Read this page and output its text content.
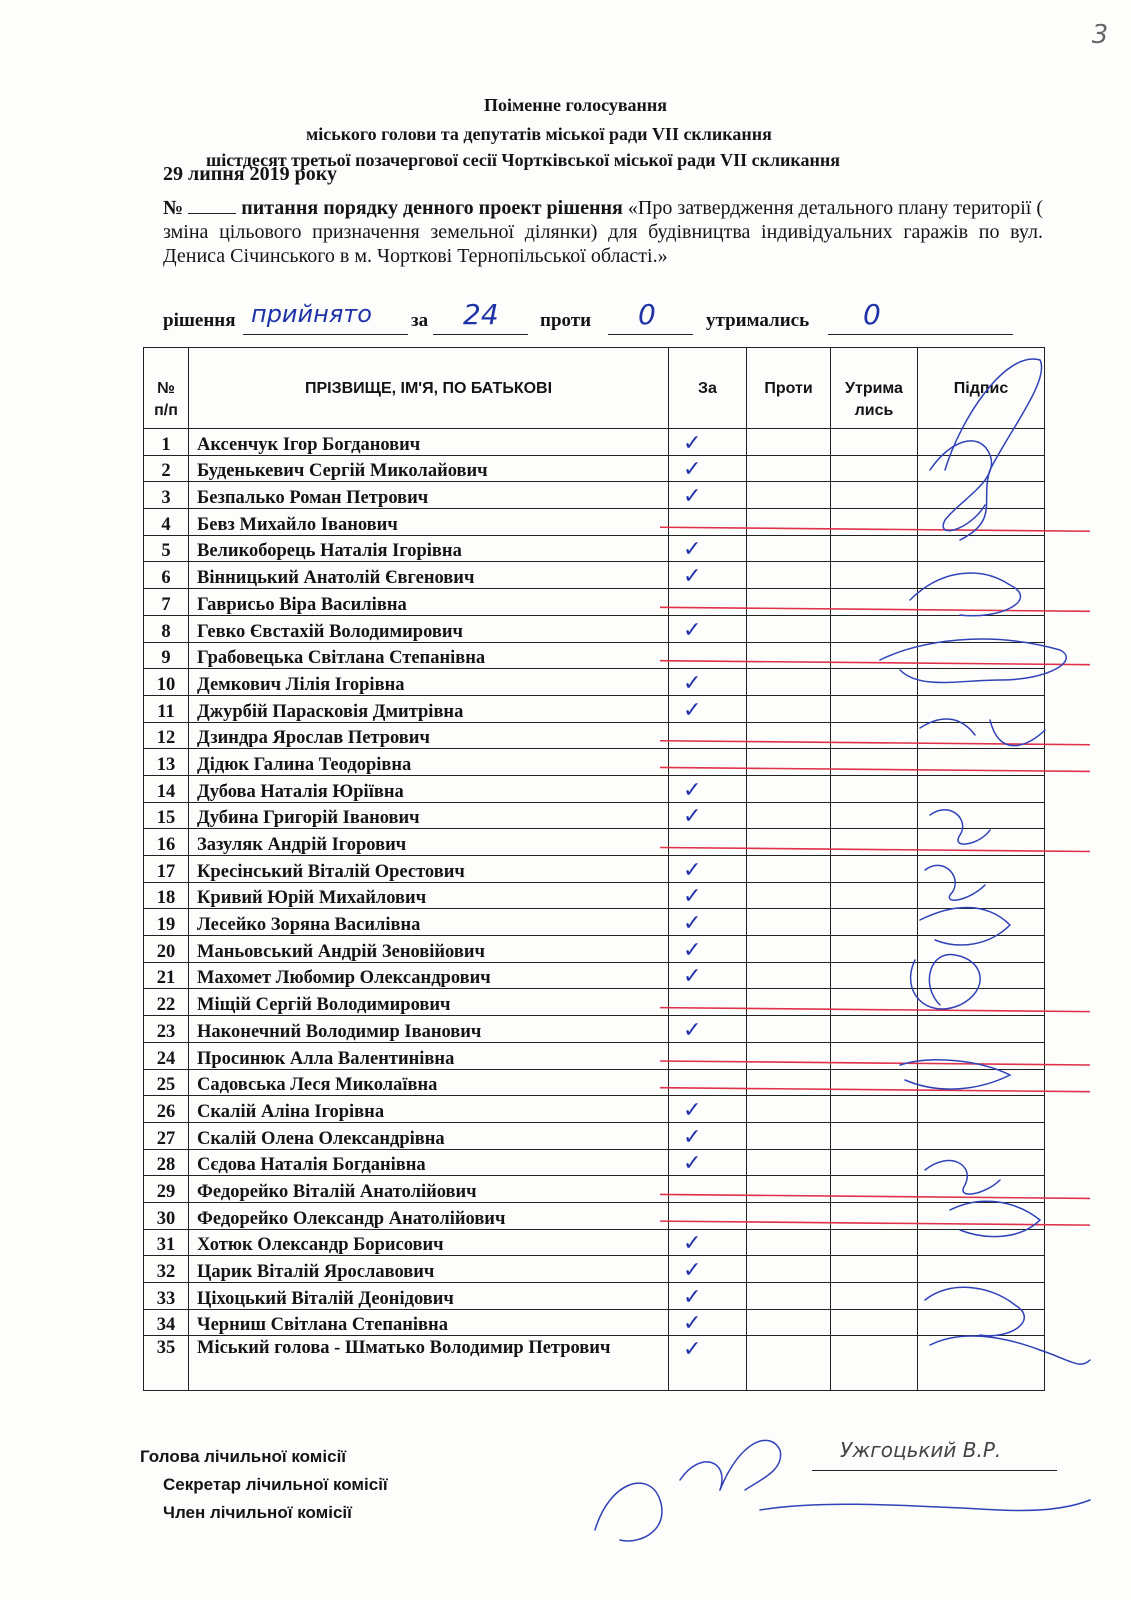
3
Поіменне голосування
міського голови та депутатів міської ради VII скликання
шістдесят третьої позачергової сесії Чортківської міської ради VII скликання
29 липня 2019 року
№	питання порядку денного проект рішення «Про затвердження детального плану території ( зміна цільового призначення земельної ділянки) для будівництва індивідуальних гаражів по вул. Дениса Січинського в м. Чорткові Тернопільської області.»
рішення прийнято за 24 проти 0	утримались 0
№ п/п	ПРІЗВИЩЕ, ІМ'Я, ПО БАТЬКОВІ	За	Проти	Утримались	Підпис
1	Аксенчук Ігор Богданович	✓			
2	Буденькевич Сергій Миколайович	✓			
3	Безпалько Роман Петрович	✓			
4	Бевз Михайло Іванович				
5	Великоборець Наталія Ігорівна	✓			
6	Вінницький Анатолій Євгенович	✓			
7	Гаврисьо Віра Василівна				
8	Гевко Євстахій Володимирович	✓			
9	Грабовецька Світлана Степанівна				
10	Демкович Лілія Ігорівна	✓			
11	Джурбій Парасковія Дмитрівна	✓			
12	Дзиндра Ярослав Петрович				
13	Дідюк Галина Теодорівна				
14	Дубова Наталія Юріївна	✓			
15	Дубина Григорій Іванович	✓			
16	Зазуляк Андрій Ігорович				
17	Кресінський Віталій Орестович	✓			
18	Кривий Юрій Михайлович	✓			
19	Лесейко Зоряна Василівна	✓			
20	Маньовський Андрій Зеновійович	✓			
21	Махомет Любомир Олександрович	✓			
22	Міщій Сергій Володимирович				
23	Наконечний Володимир Іванович	✓			
24	Просинюк Алла Валентинівна				
25	Садовська Леся Миколаївна				
26	Скалій Аліна Ігорівна	✓			
27	Скалій Олена Олександрівна	✓			
28	Сєдова Наталія Богданівна	✓			
29	Федорейко Віталій Анатолійович				
30	Федорейко Олександр Анатолійович				
31	Хотюк Олександр Борисович	✓			
32	Царик Віталій Ярославович	✓			
33	Ціхоцький Віталій Деонідович	✓			
34	Черниш Світлана Степанівна	✓			
35	Міський голова - Шматько Володимир Петрович	✓			
Голова лічильної комісії
Секретар лічильної комісії
Член лічильної комісії
Ужгоцький В.Р.
